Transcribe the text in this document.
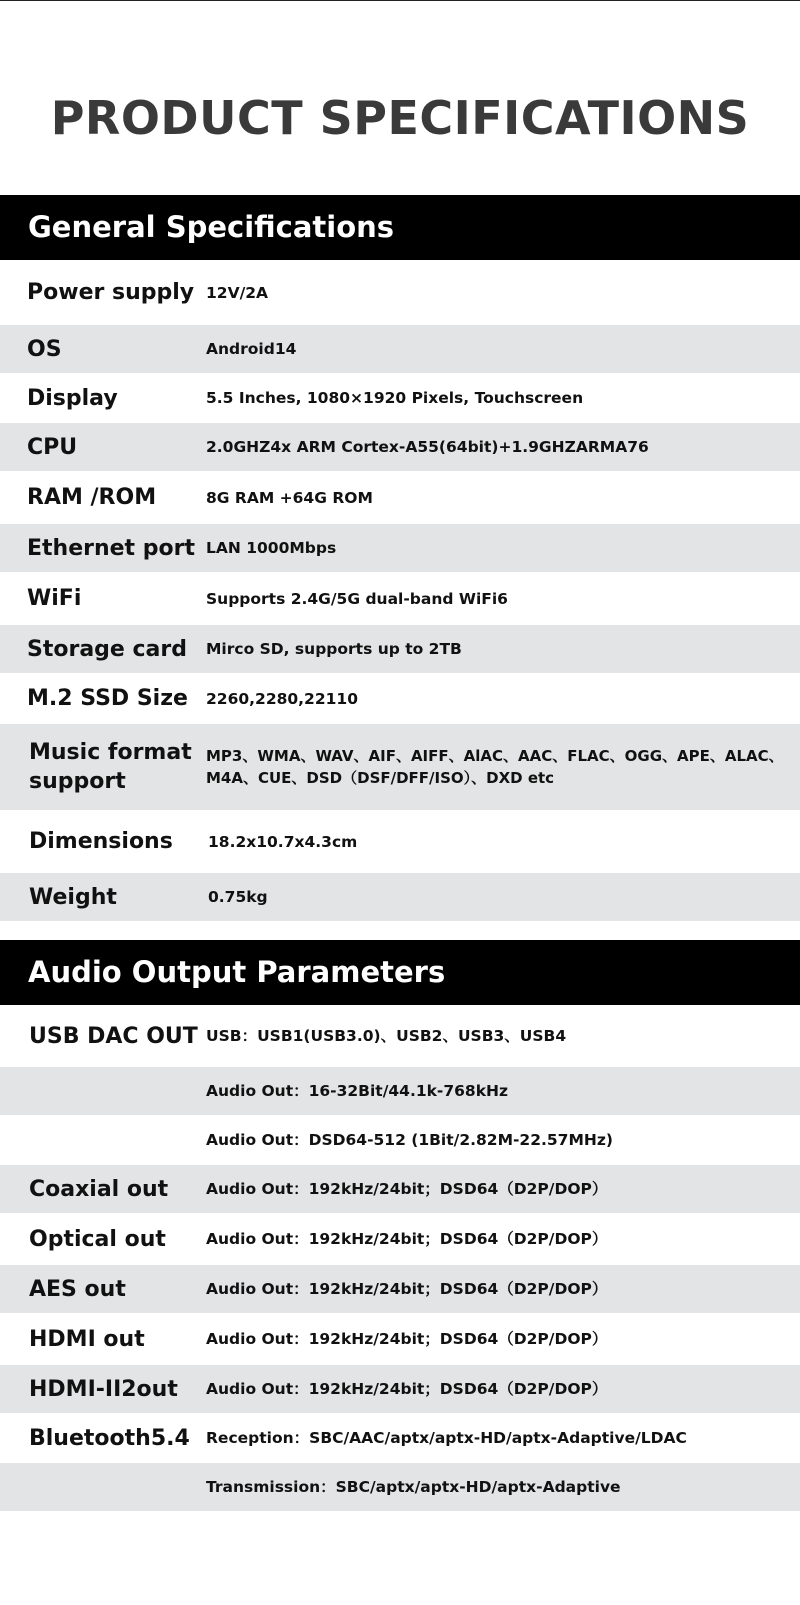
PRODUCT SPECIFICATIONS
General Specifications
Power supply 12V/2A
OS	Android14
Display	5.5 Inches, 1080×1920 Pixels, Touchscreen
CPU	2.0GHZ4x ARM Cortex-A55(64bit)+1.9GHZARMA76
RAM /ROM	8G RAM +64G ROM
Ethernet port LAN 1000Mbps
WiFi	Supports 2.4G/5G dual-band WiFi6
Storage card	Mirco SD, supports up to 2TB
M.2 SSD Size	2260,2280,22110
Music format support
MP3、WMA、WAV、AIF、AIFF、AlAC、AAC、FLAC、OGG、APE、ALAC、M4A、CUE、DSD（DSF/DFF/ISO）、DXD etc
Dimensions	18.2x10.7x4.3cm
Weight	0.75kg
Audio Output Parameters
USB DAC OUT USB：USB1(USB3.0)、USB2、USB3、USB4
Audio Out：16-32Bit/44.1k-768kHz
Audio Out：DSD64-512 (1Bit/2.82M-22.57MHz)
Coaxial out	Audio Out：192kHz/24bit；DSD64（D2P/DOP）
Optical out	Audio Out：192kHz/24bit；DSD64（D2P/DOP）
AES out	Audio Out：192kHz/24bit；DSD64（D2P/DOP）
HDMI out	Audio Out：192kHz/24bit；DSD64（D2P/DOP）
HDMI-II2out	Audio Out：192kHz/24bit；DSD64（D2P/DOP）
Bluetooth5.4	Reception：SBC/AAC/aptx/aptx-HD/aptx-Adaptive/LDAC
Transmission：SBC/aptx/aptx-HD/aptx-Adaptive
